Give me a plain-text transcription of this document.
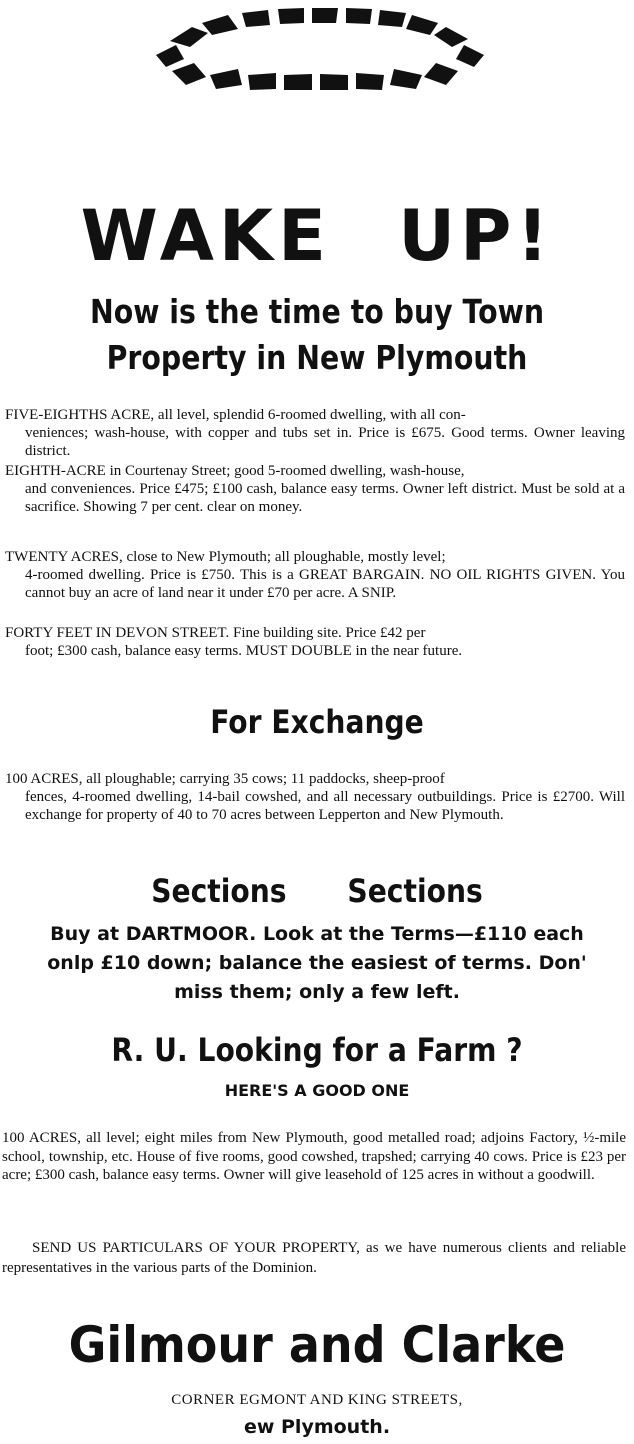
WAKE UP!
Now is the time to buy Town
Property in New Plymouth
FIVE-EIGHTHS ACRE, all level, splendid 6-roomed dwelling, with all con-
veniences; wash-house, with copper and tubs set in. Price is £675. Good terms. Owner leaving district.
EIGHTH-ACRE in Courtenay Street; good 5-roomed dwelling, wash-house,
and conveniences. Price £475; £100 cash, balance easy terms. Owner left district. Must be sold at a sacrifice. Showing 7 per cent. clear on money.
TWENTY ACRES, close to New Plymouth; all ploughable, mostly level;
4-roomed dwelling. Price is £750. This is a GREAT BARGAIN. NO OIL RIGHTS GIVEN. You cannot buy an acre of land near it under £70 per acre. A SNIP.
FORTY FEET IN DEVON STREET. Fine building site. Price £42 per
foot; £300 cash, balance easy terms. MUST DOUBLE in the near future.
For Exchange
100 ACRES, all ploughable; carrying 35 cows; 11 paddocks, sheep-proof
fences, 4-roomed dwelling, 14-bail cowshed, and all necessary outbuildings. Price is £2700. Will exchange for property of 40 to 70 acres between Lepperton and New Plymouth.
Sections Sections
Buy at DARTMOOR. Look at the Terms—£110 each
onlp £10 down; balance the easiest of terms. Don'
miss them; only a few left.
R. U. Looking for a Farm ?
HERE'S A GOOD ONE
100 ACRES, all level; eight miles from New Plymouth, good metalled road; adjoins Factory, ½-mile school, township, etc. House of five rooms, good cowshed, trapshed; carrying 40 cows. Price is £23 per acre; £300 cash, balance easy terms. Owner will give leasehold of 125 acres in without a goodwill.
SEND US PARTICULARS OF YOUR PROPERTY, as we have numerous clients and reliable representatives in the various parts of the Dominion.
Gilmour and Clarke
CORNER EGMONT AND KING STREETS,
ew Plymouth.
